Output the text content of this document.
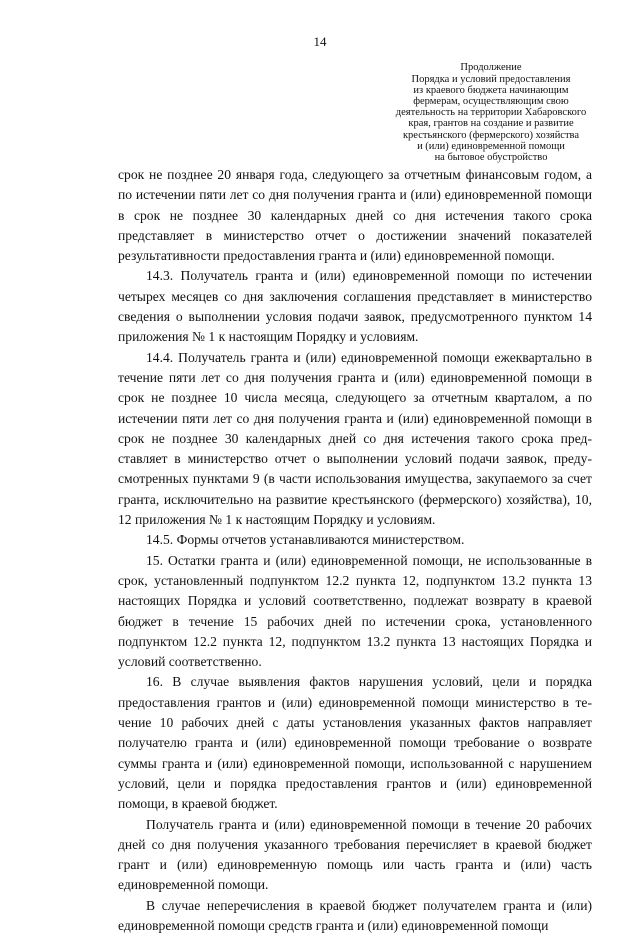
14
Продолжение
Порядка и условий предоставления
из краевого бюджета начинающим
фермерам, осуществляющим свою
деятельность на территории Хабаровского
края, грантов на создание и развитие
крестьянского (фермерского) хозяйства
и (или) единовременной помощи
на бытовое обустройство

срок не позднее 20 января года, следующего за отчетным финансовым годом, а по истечении пяти лет со дня получения гранта и (или) единовременной помощи в срок не позднее 30 календарных дней со дня истечения такого срока представляет в министерство отчет о достижении значений показателей результативности предоставления гранта и (или) единовременной помощи.

14.3. Получатель гранта и (или) единовременной помощи по истечении четырех месяцев со дня заключения соглашения представляет в министерство сведения о выполнении условия подачи заявок, предусмотренного пунктом 14 приложения № 1 к настоящим Порядку и условиям.

14.4. Получатель гранта и (или) единовременной помощи ежеквартально в течение пяти лет со дня получения гранта и (или) единовременной помощи в срок не позднее 10 числа месяца, следующего за отчетным кварталом, а по истечении пяти лет со дня получения гранта и (или) единовременной помощи в срок не позднее 30 календарных дней со дня истечения такого срока представляет в министерство отчет о выполнении условий подачи заявок, предусмотренных пунктами 9 (в части использования имущества, закупаемого за счет гранта, исключительно на развитие крестьянского (фермерского) хозяйства), 10, 12 приложения № 1 к настоящим Порядку и условиям.

14.5. Формы отчетов устанавливаются министерством.

15. Остатки гранта и (или) единовременной помощи, не использованные в срок, установленный подпунктом 12.2 пункта 12, подпунктом 13.2 пункта 13 настоящих Порядка и условий соответственно, подлежат возврату в краевой бюджет в течение 15 рабочих дней по истечении срока, установленного подпунктом 12.2 пункта 12, подпунктом 13.2 пункта 13 настоящих Порядка и условий соответственно.

16. В случае выявления фактов нарушения условий, цели и порядка предоставления грантов и (или) единовременной помощи министерство в течение 10 рабочих дней с даты установления указанных фактов направляет получателю гранта и (или) единовременной помощи требование о возврате суммы гранта и (или) единовременной помощи, использованной с нарушением условий, цели и порядка предоставления грантов и (или) единовременной помощи, в краевой бюджет.

Получатель гранта и (или) единовременной помощи в течение 20 рабочих дней со дня получения указанного требования перечисляет в краевой бюджет грант и (или) единовременную помощь или часть гранта и (или) часть единовременной помощи.

В случае неперечисления в краевой бюджет получателем гранта и (или) единовременной помощи средств гранта и (или) единовременной помощи
